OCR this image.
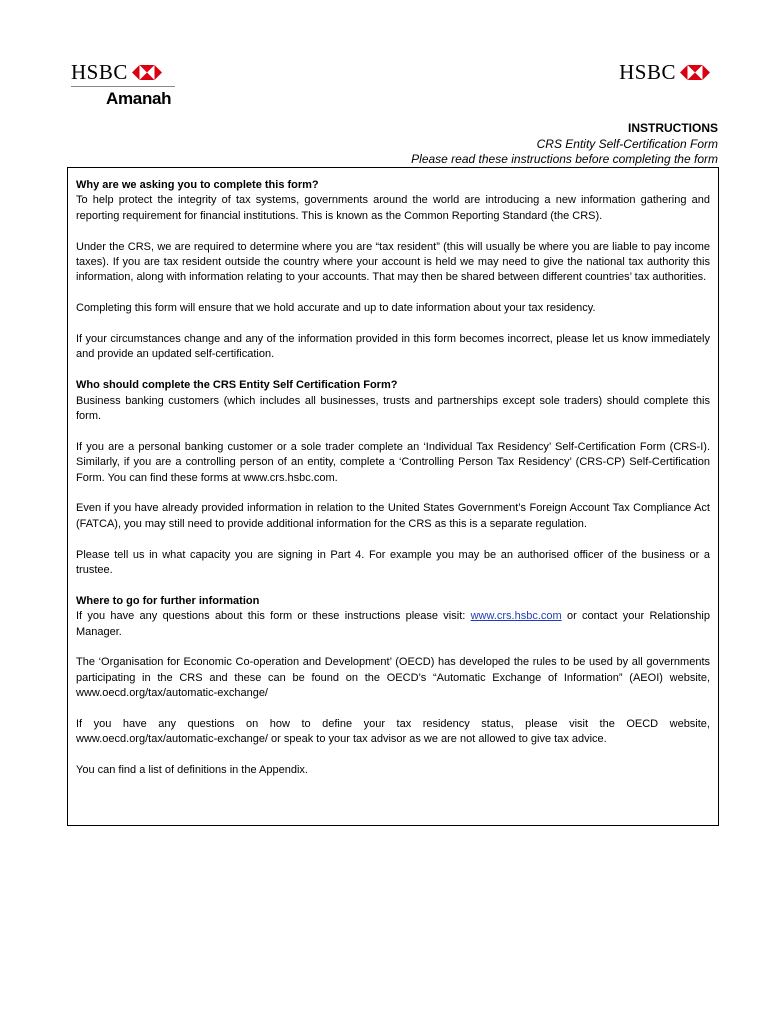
HSBC
Amanah
HSBC
INSTRUCTIONS
CRS Entity Self-Certification Form
Please read these instructions before completing the form

Why are we asking you to complete this form?

To help protect the integrity of tax systems, governments around the world are introducing a new information gathering and reporting requirement for financial institutions. This is known as the Common Reporting Standard (the CRS).

Under the CRS, we are required to determine where you are “tax resident” (this will usually be where you are liable to pay income taxes). If you are tax resident outside the country where your account is held we may need to give the national tax authority this information, along with information relating to your accounts. That may then be shared between different countries’ tax authorities.

Completing this form will ensure that we hold accurate and up to date information about your tax residency.

If your circumstances change and any of the information provided in this form becomes incorrect, please let us know immediately and provide an updated self-certification.

Who should complete the CRS Entity Self Certification Form?

Business banking customers (which includes all businesses, trusts and partnerships except sole traders) should complete this form.

If you are a personal banking customer or a sole trader complete an ‘Individual Tax Residency’ Self-Certification Form (CRS-I). Similarly, if you are a controlling person of an entity, complete a ‘Controlling Person Tax Residency’ (CRS-CP) Self-Certification Form. You can find these forms at www.crs.hsbc.com.

Even if you have already provided information in relation to the United States Government’s Foreign Account Tax Compliance Act (FATCA), you may still need to provide additional information for the CRS as this is a separate regulation.

Please tell us in what capacity you are signing in Part 4. For example you may be an authorised officer of the business or a trustee.

Where to go for further information

If you have any questions about this form or these instructions please visit: www.crs.hsbc.com or contact your Relationship Manager.

The ‘Organisation for Economic Co-operation and Development’ (OECD) has developed the rules to be used by all governments participating in the CRS and these can be found on the OECD’s “Automatic Exchange of Information” (AEOI) website, www.oecd.org/tax/automatic-exchange/

If you have any questions on how to define your tax residency status, please visit the OECD website, www.oecd.org/tax/automatic-exchange/ or speak to your tax advisor as we are not allowed to give tax advice.

You can find a list of definitions in the Appendix.
